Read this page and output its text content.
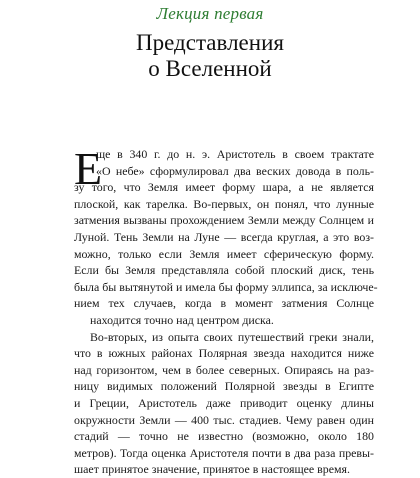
Лекция первая
Представления
о Вселенной
Е
ще в 340 г. до н. э. Аристотель в своем трактате
«О небе» сформулировал два веских довода в поль-
зу того, что Земля имеет форму шара, а не является
плоской, как тарелка. Во-первых, он понял, что лунные
затмения вызваны прохождением Земли между Солнцем и
Луной. Тень Земли на Луне — всегда круглая, а это воз-
можно, только если Земля имеет сферическую форму.
Если бы Земля представляла собой плоский диск, тень
была бы вытянутой и имела бы форму эллипса, за исключе-
нием тех случаев, когда в момент затмения Солнце
находится точно над центром диска.
Во-вторых, из опыта своих путешествий греки знали,
что в южных районах Полярная звезда находится ниже
над горизонтом, чем в более северных. Опираясь на раз-
ницу видимых положений Полярной звезды в Египте
и Греции, Аристотель даже приводит оценку длины
окружности Земли — 400 тыс. стадиев. Чему равен один
стадий — точно не известно (возможно, около 180
метров). Тогда оценка Аристотеля почти в два раза превы-
шает принятое значение, принятое в настоящее время.
